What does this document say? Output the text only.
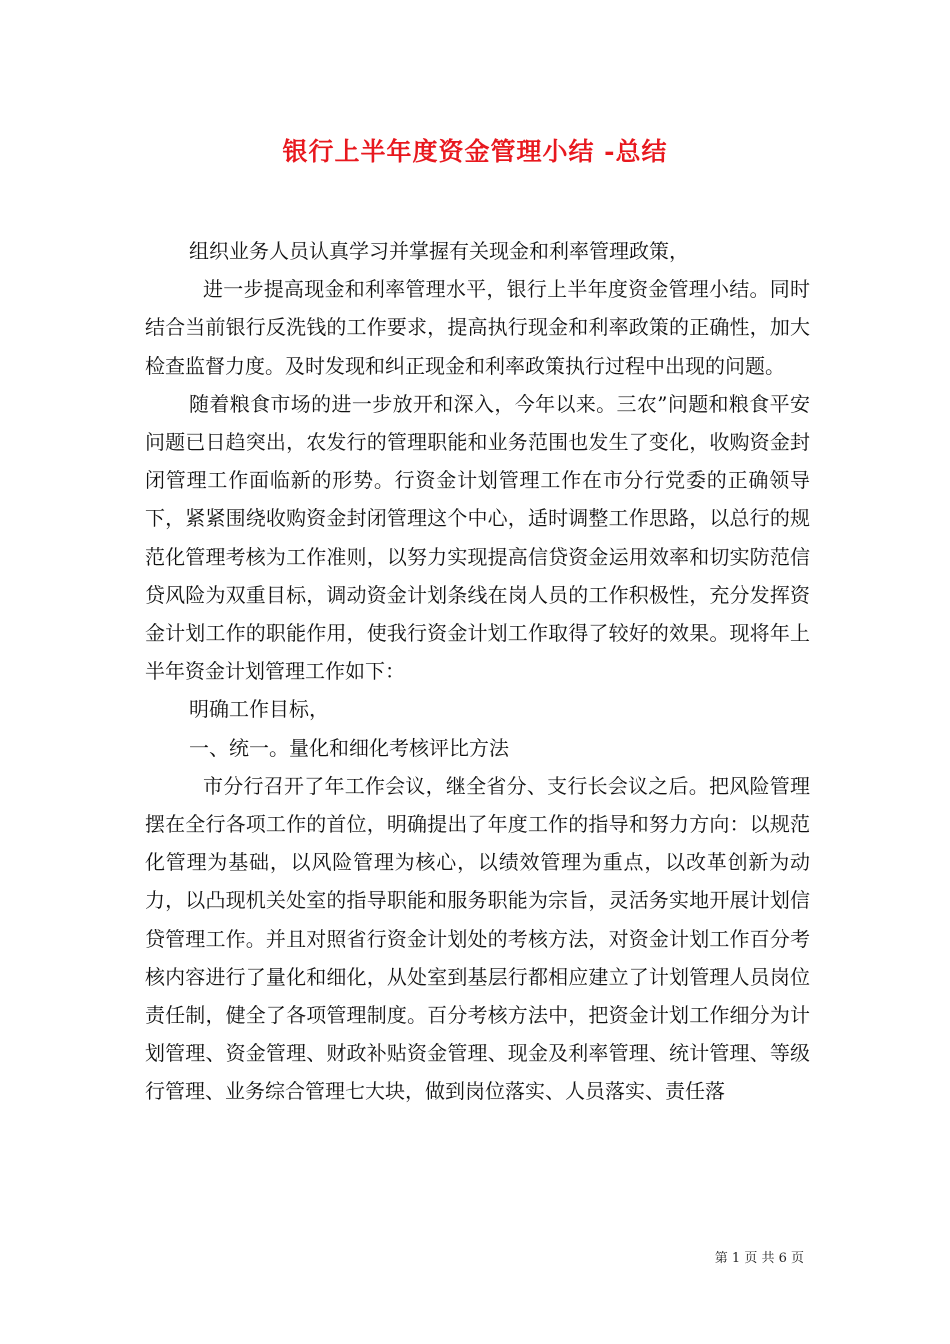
银行上半年度资金管理小结 -总结

组织业务人员认真学习并掌握有关现金和利率管理政策，

进一步提高现金和利率管理水平，银行上半年度资金管理小结。同时结合当前银行反洗钱的工作要求，提高执行现金和利率政策的正确性，加大检查监督力度。及时发现和纠正现金和利率政策执行过程中出现的问题。

随着粮食市场的进一步放开和深入，今年以来。三农”问题和粮食平安问题已日趋突出，农发行的管理职能和业务范围也发生了变化，收购资金封闭管理工作面临新的形势。行资金计划管理工作在市分行党委的正确领导下，紧紧围绕收购资金封闭管理这个中心，适时调整工作思路，以总行的规范化管理考核为工作准则，以努力实现提高信贷资金运用效率和切实防范信贷风险为双重目标，调动资金计划条线在岗人员的工作积极性，充分发挥资金计划工作的职能作用，使我行资金计划工作取得了较好的效果。现将年上半年资金计划管理工作如下：

明确工作目标，

一、统一。量化和细化考核评比方法

市分行召开了年工作会议，继全省分、支行长会议之后。把风险管理摆在全行各项工作的首位，明确提出了年度工作的指导和努力方向：以规范化管理为基础，以风险管理为核心，以绩效管理为重点，以改革创新为动力，以凸现机关处室的指导职能和服务职能为宗旨，灵活务实地开展计划信贷管理工作。并且对照省行资金计划处的考核方法，对资金计划工作百分考核内容进行了量化和细化，从处室到基层行都相应建立了计划管理人员岗位责任制，健全了各项管理制度。百分考核方法中，把资金计划工作细分为计划管理、资金管理、财政补贴资金管理、现金及利率管理、统计管理、等级行管理、业务综合管理七大块，做到岗位落实、人员落实、责任落

第 1 页 共 6 页
